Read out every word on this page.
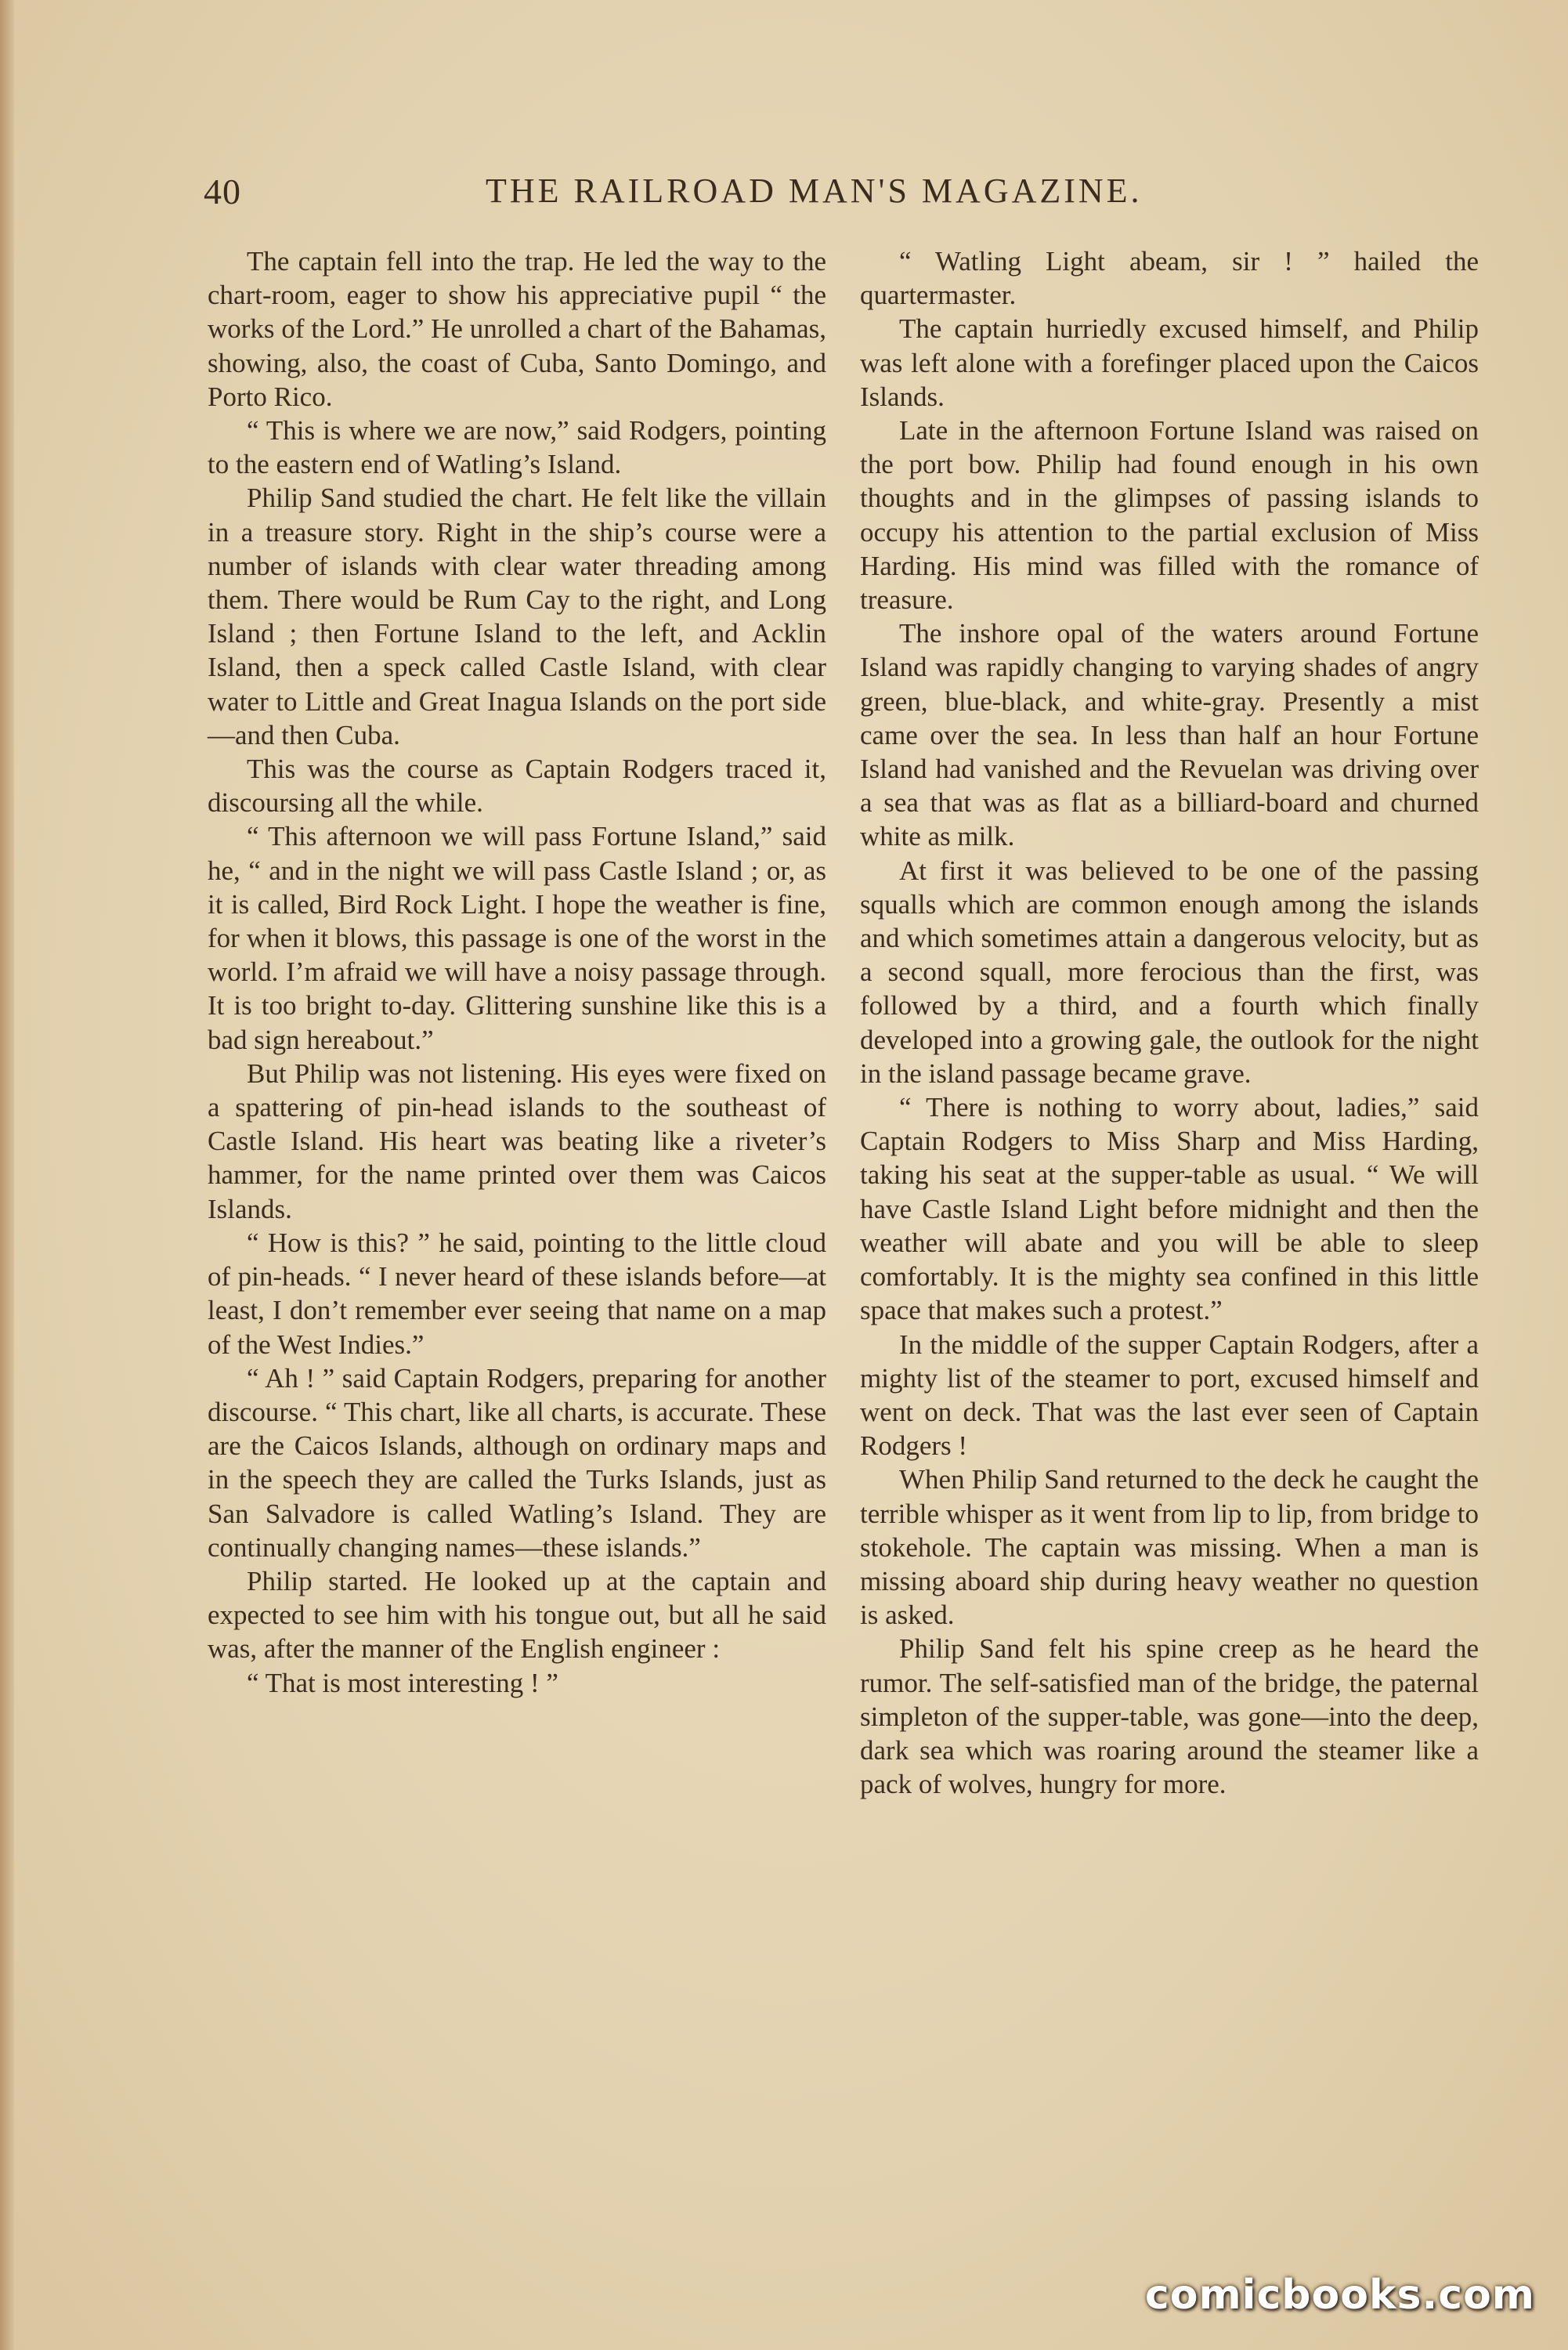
40	THE RAILROAD MAN'S MAGAZINE.

The captain fell into the trap. He led the way to the chart-room, eager to show his appreciative pupil “ the works of the Lord.” He unrolled a chart of the Bahamas, showing, also, the coast of Cuba, Santo Domingo, and Porto Rico.

“ This is where we are now,” said Rodgers, pointing to the eastern end of Watling’s Island.

Philip Sand studied the chart. He felt like the villain in a treasure story. Right in the ship’s course were a number of islands with clear water threading among them. There would be Rum Cay to the right, and Long Island ; then Fortune Island to the left, and Acklin Island, then a speck called Castle Island, with clear water to Little and Great Inagua Islands on the port side—and then Cuba.

This was the course as Captain Rodgers traced it, discoursing all the while.

“ This afternoon we will pass Fortune Island,” said he, “ and in the night we will pass Castle Island ; or, as it is called, Bird Rock Light. I hope the weather is fine, for when it blows, this passage is one of the worst in the world. I’m afraid we will have a noisy passage through. It is too bright to-day. Glittering sunshine like this is a bad sign hereabout.”

But Philip was not listening. His eyes were fixed on a spattering of pin-head islands to the southeast of Castle Island. His heart was beating like a riveter’s hammer, for the name printed over them was Caicos Islands.

“ How is this? ” he said, pointing to the little cloud of pin-heads. “ I never heard of these islands before—at least, I don’t remember ever seeing that name on a map of the West Indies.”

“ Ah ! ” said Captain Rodgers, preparing for another discourse. “ This chart, like all charts, is accurate. These are the Caicos Islands, although on ordinary maps and in the speech they are called the Turks Islands, just as San Salvadore is called Watling’s Island. They are continually changing names—these islands.”

Philip started. He looked up at the captain and expected to see him with his tongue out, but all he said was, after the manner of the English engineer :

“ That is most interesting ! ”

“ Watling Light abeam, sir ! ” hailed the quartermaster.

The captain hurriedly excused himself, and Philip was left alone with a forefinger placed upon the Caicos Islands.

Late in the afternoon Fortune Island was raised on the port bow. Philip had found enough in his own thoughts and in the glimpses of passing islands to occupy his attention to the partial exclusion of Miss Harding. His mind was filled with the romance of treasure.

The inshore opal of the waters around Fortune Island was rapidly changing to varying shades of angry green, blue-black, and white-gray. Presently a mist came over the sea. In less than half an hour Fortune Island had vanished and the Revuelan was driving over a sea that was as flat as a billiard-board and churned white as milk.

At first it was believed to be one of the passing squalls which are common enough among the islands and which sometimes attain a dangerous velocity, but as a second squall, more ferocious than the first, was followed by a third, and a fourth which finally developed into a growing gale, the outlook for the night in the island passage became grave.

“ There is nothing to worry about, ladies,” said Captain Rodgers to Miss Sharp and Miss Harding, taking his seat at the supper-table as usual. “ We will have Castle Island Light before midnight and then the weather will abate and you will be able to sleep comfortably. It is the mighty sea confined in this little space that makes such a protest.”

In the middle of the supper Captain Rodgers, after a mighty list of the steamer to port, excused himself and went on deck. That was the last ever seen of Captain Rodgers !

When Philip Sand returned to the deck he caught the terrible whisper as it went from lip to lip, from bridge to stokehole. The captain was missing. When a man is missing aboard ship during heavy weather no question is asked.

Philip Sand felt his spine creep as he heard the rumor. The self-satisfied man of the bridge, the paternal simpleton of the supper-table, was gone—into the deep, dark sea which was roaring around the steamer like a pack of wolves, hungry for more.

comicbooks.com
